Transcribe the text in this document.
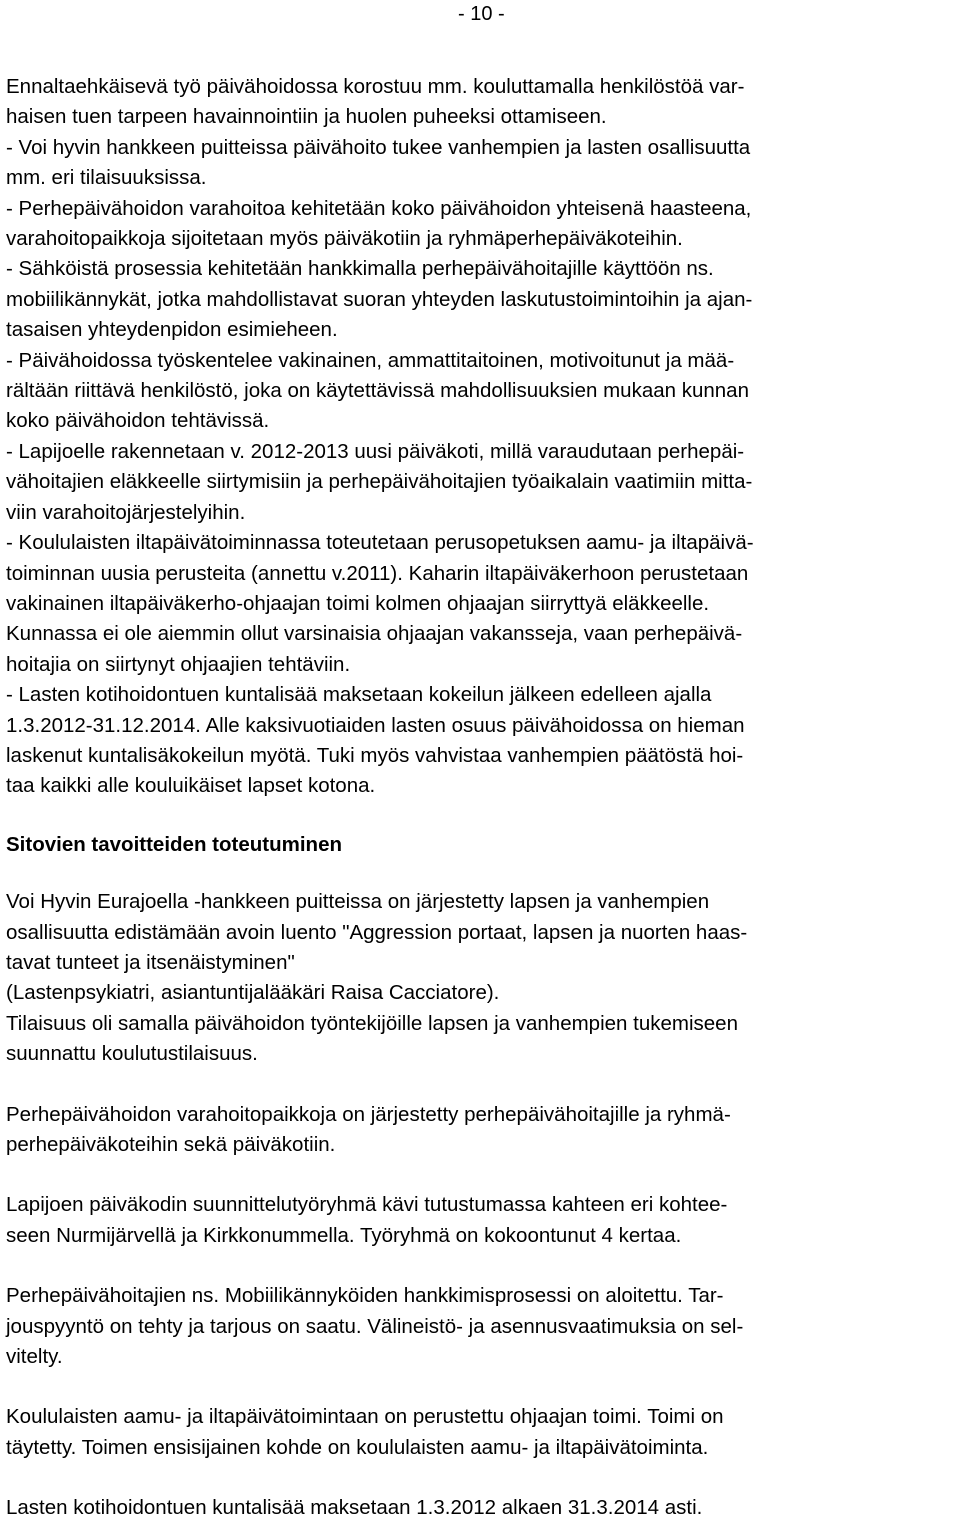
- 10 -
Ennaltaehkäisevä työ päivähoidossa korostuu mm. kouluttamalla henkilöstöä var-
haisen tuen tarpeen havainnointiin ja huolen puheeksi ottamiseen.
- Voi hyvin hankkeen puitteissa päivähoito tukee vanhempien ja lasten osallisuutta
mm. eri tilaisuuksissa.
- Perhepäivähoidon varahoitoa kehitetään koko päivähoidon yhteisenä haasteena,
varahoitopaikkoja sijoitetaan myös päiväkotiin ja ryhmäperhepäiväkoteihin.
- Sähköistä prosessia kehitetään hankkimalla perhepäivähoitajille käyttöön ns.
mobiilikännykät, jotka mahdollistavat suoran yhteyden laskutustoimintoihin ja ajan-
tasaisen yhteydenpidon esimieheen.
- Päivähoidossa työskentelee vakinainen, ammattitaitoinen, motivoitunut ja mää-
rältään riittävä henkilöstö, joka on käytettävissä mahdollisuuksien mukaan kunnan
koko päivähoidon tehtävissä.
- Lapijoelle rakennetaan v. 2012-2013 uusi päiväkoti, millä varaudutaan perhepäi-
vähoitajien eläkkeelle siirtymisiin ja perhepäivähoitajien työaikalain vaatimiin mitta-
viin varahoitojärjestelyihin.
- Koululaisten iltapäivätoiminnassa toteutetaan perusopetuksen aamu- ja iltapäivä-
toiminnan uusia perusteita (annettu v.2011). Kaharin iltapäiväkerhoon perustetaan
vakinainen iltapäiväkerho-ohjaajan toimi kolmen ohjaajan siirryttyä eläkkeelle.
Kunnassa ei ole aiemmin ollut varsinaisia ohjaajan vakansseja, vaan perhepäivä-
hoitajia on siirtynyt ohjaajien tehtäviin.
- Lasten kotihoidontuen kuntalisää maksetaan kokeilun jälkeen edelleen ajalla
1.3.2012-31.12.2014. Alle kaksivuotiaiden lasten osuus päivähoidossa on hieman
laskenut kuntalisäkokeilun myötä. Tuki myös vahvistaa vanhempien päätöstä hoi-
taa kaikki alle kouluikäiset lapset kotona.
Sitovien tavoitteiden toteutuminen
Voi Hyvin Eurajoella -hankkeen puitteissa on järjestetty lapsen ja vanhempien
osallisuutta edistämään avoin luento "Aggression portaat, lapsen ja nuorten haas-
tavat tunteet ja itsenäistyminen"
(Lastenpsykiatri, asiantuntijalääkäri Raisa Cacciatore).
Tilaisuus oli samalla päivähoidon työntekijöille lapsen ja vanhempien tukemiseen
suunnattu koulutustilaisuus.
Perhepäivähoidon varahoitopaikkoja on järjestetty perhepäivähoitajille ja ryhmä-
perhepäiväkoteihin sekä päiväkotiin.
Lapijoen päiväkodin suunnittelutyöryhmä kävi tutustumassa kahteen eri kohtee-
seen Nurmijärvellä ja Kirkkonummella. Työryhmä on kokoontunut 4 kertaa.
Perhepäivähoitajien ns. Mobiilikännyköiden hankkimisprosessi on aloitettu. Tar-
jouspyyntö on tehty ja tarjous on saatu. Välineistö- ja asennusvaatimuksia on sel-
vitelty.
Koululaisten aamu- ja iltapäivätoimintaan on perustettu ohjaajan toimi. Toimi on
täytetty. Toimen ensisijainen kohde on koululaisten aamu- ja iltapäivätoiminta.
Lasten kotihoidontuen kuntalisää maksetaan 1.3.2012 alkaen 31.3.2014 asti.
